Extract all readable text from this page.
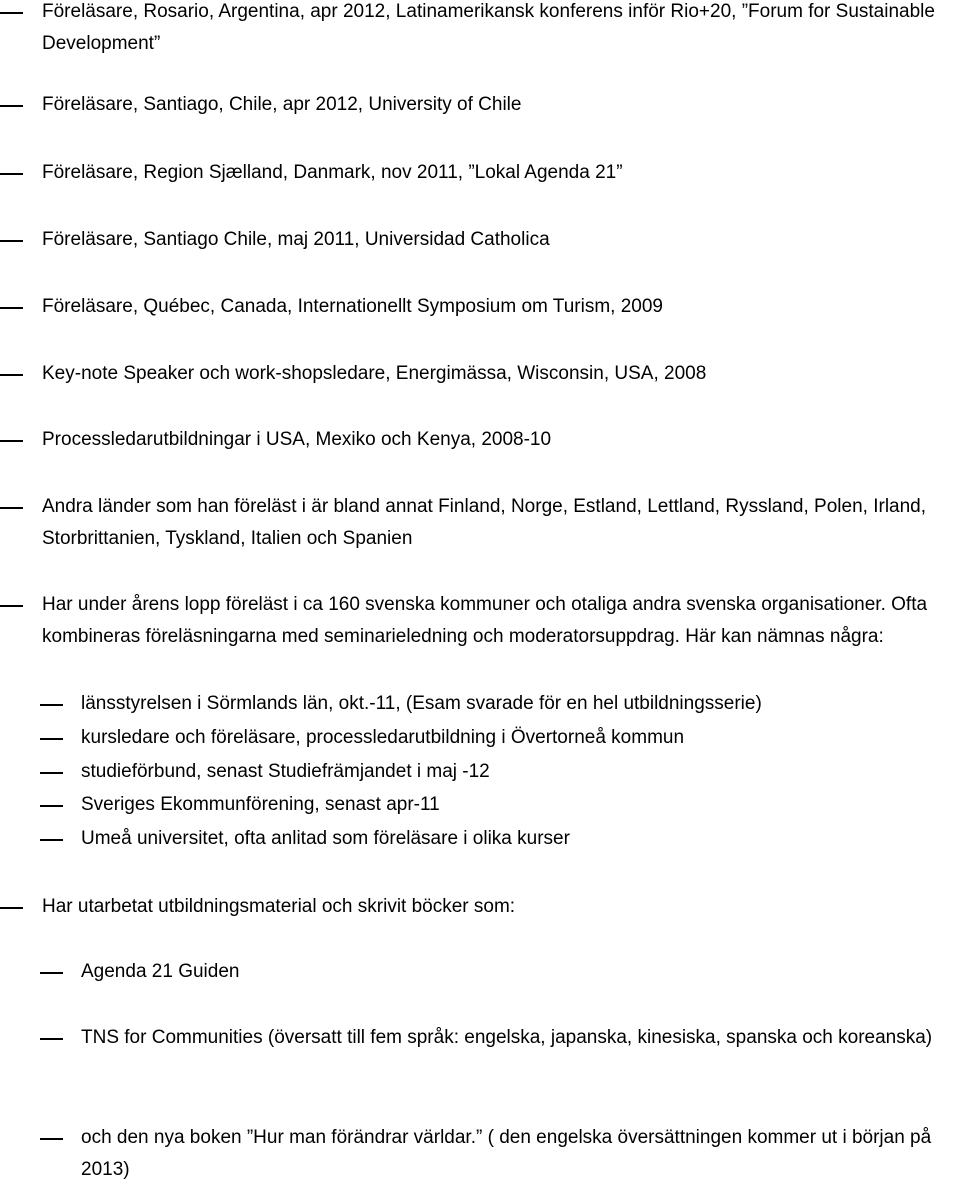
Föreläsare, Rosario, Argentina, apr 2012, Latinamerikansk konferens inför Rio+20, ”Forum for Sustainable Development”
Föreläsare, Santiago, Chile, apr 2012, University of Chile
Föreläsare, Region Sjælland, Danmark, nov 2011, ”Lokal Agenda 21”
Föreläsare, Santiago Chile, maj 2011, Universidad Catholica
Föreläsare, Québec, Canada, Internationellt Symposium om Turism, 2009
Key-note Speaker och work-shopsledare, Energimässa, Wisconsin, USA, 2008
Processledarutbildningar i USA, Mexiko och Kenya, 2008-10
Andra länder som han föreläst i är bland annat Finland, Norge, Estland, Lettland, Ryssland, Polen, Irland, Storbrittanien, Tyskland, Italien och Spanien
Har under årens lopp föreläst i ca 160 svenska kommuner och otaliga andra svenska organisationer. Ofta kombineras föreläsningarna med seminarieledning och moderatorsuppdrag. Här kan nämnas några:
länsstyrelsen i Sörmlands län, okt.-11, (Esam svarade för en hel utbildningsserie)
kursledare och föreläsare, processledarutbildning i Övertorneå kommun
studieförbund, senast Studiefrämjandet i maj -12
Sveriges Ekommunförening, senast apr-11
Umeå universitet, ofta anlitad som föreläsare i olika kurser
Har utarbetat utbildningsmaterial och skrivit böcker som:
Agenda 21 Guiden
TNS for Communities (översatt till fem språk: engelska, japanska, kinesiska, spanska och koreanska)
och den nya boken ”Hur man förändrar världar.” ( den engelska översättningen kommer ut i början på 2013)
